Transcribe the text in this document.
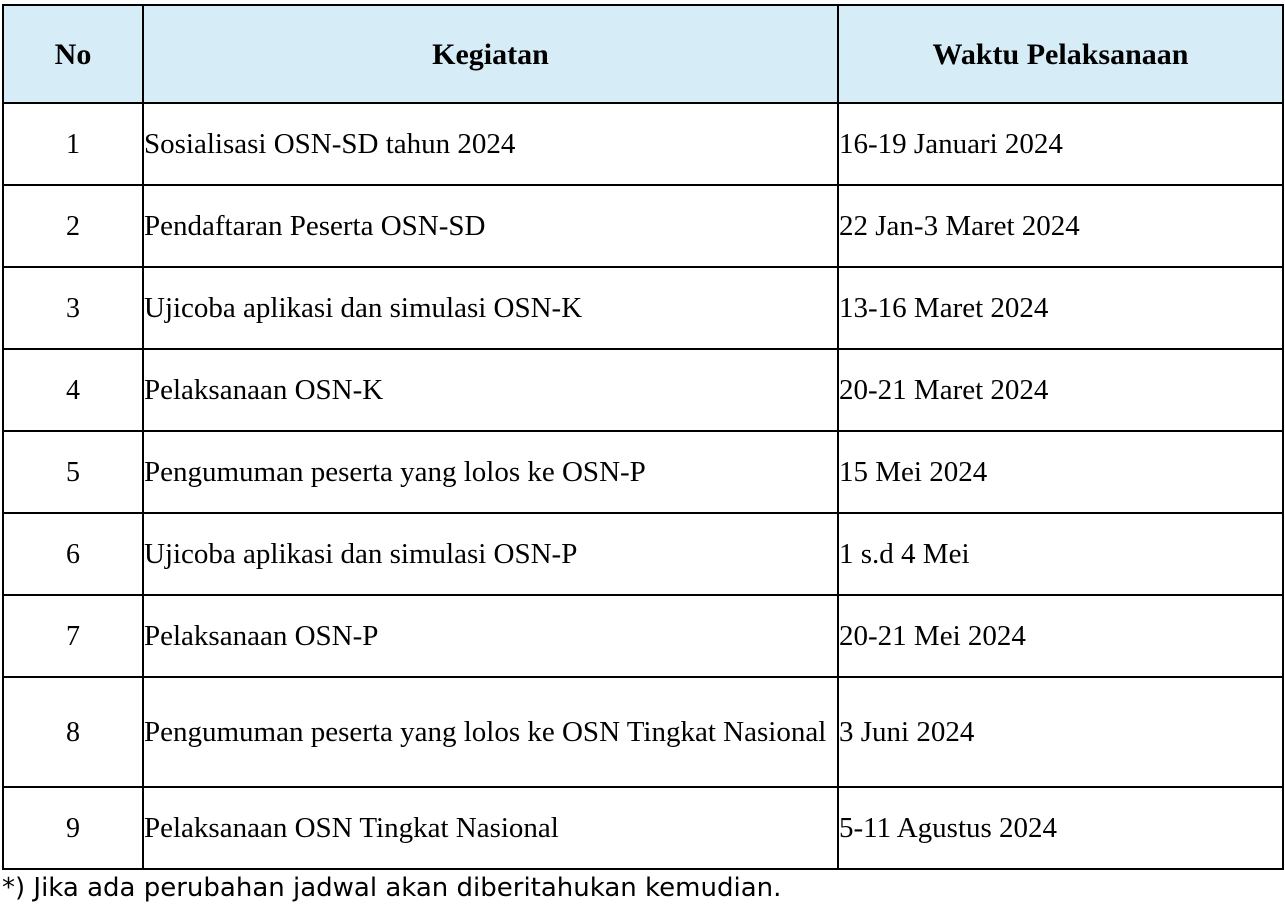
No	Kegiatan	Waktu Pelaksanaan
1	Sosialisasi OSN-SD tahun 2024	16-19 Januari 2024
2	Pendaftaran Peserta OSN-SD	22 Jan-3 Maret 2024
3	Ujicoba aplikasi dan simulasi OSN-K	13-16 Maret 2024
4	Pelaksanaan OSN-K	20-21 Maret 2024
5	Pengumuman peserta yang lolos ke OSN-P	15 Mei 2024
6	Ujicoba aplikasi dan simulasi OSN-P	1 s.d 4 Mei
7	Pelaksanaan OSN-P	20-21 Mei 2024
8	Pengumuman peserta yang lolos ke OSN Tingkat Nasional	3 Juni 2024
9	Pelaksanaan OSN Tingkat Nasional	5-11 Agustus 2024
*) Jika ada perubahan jadwal akan diberitahukan kemudian.
